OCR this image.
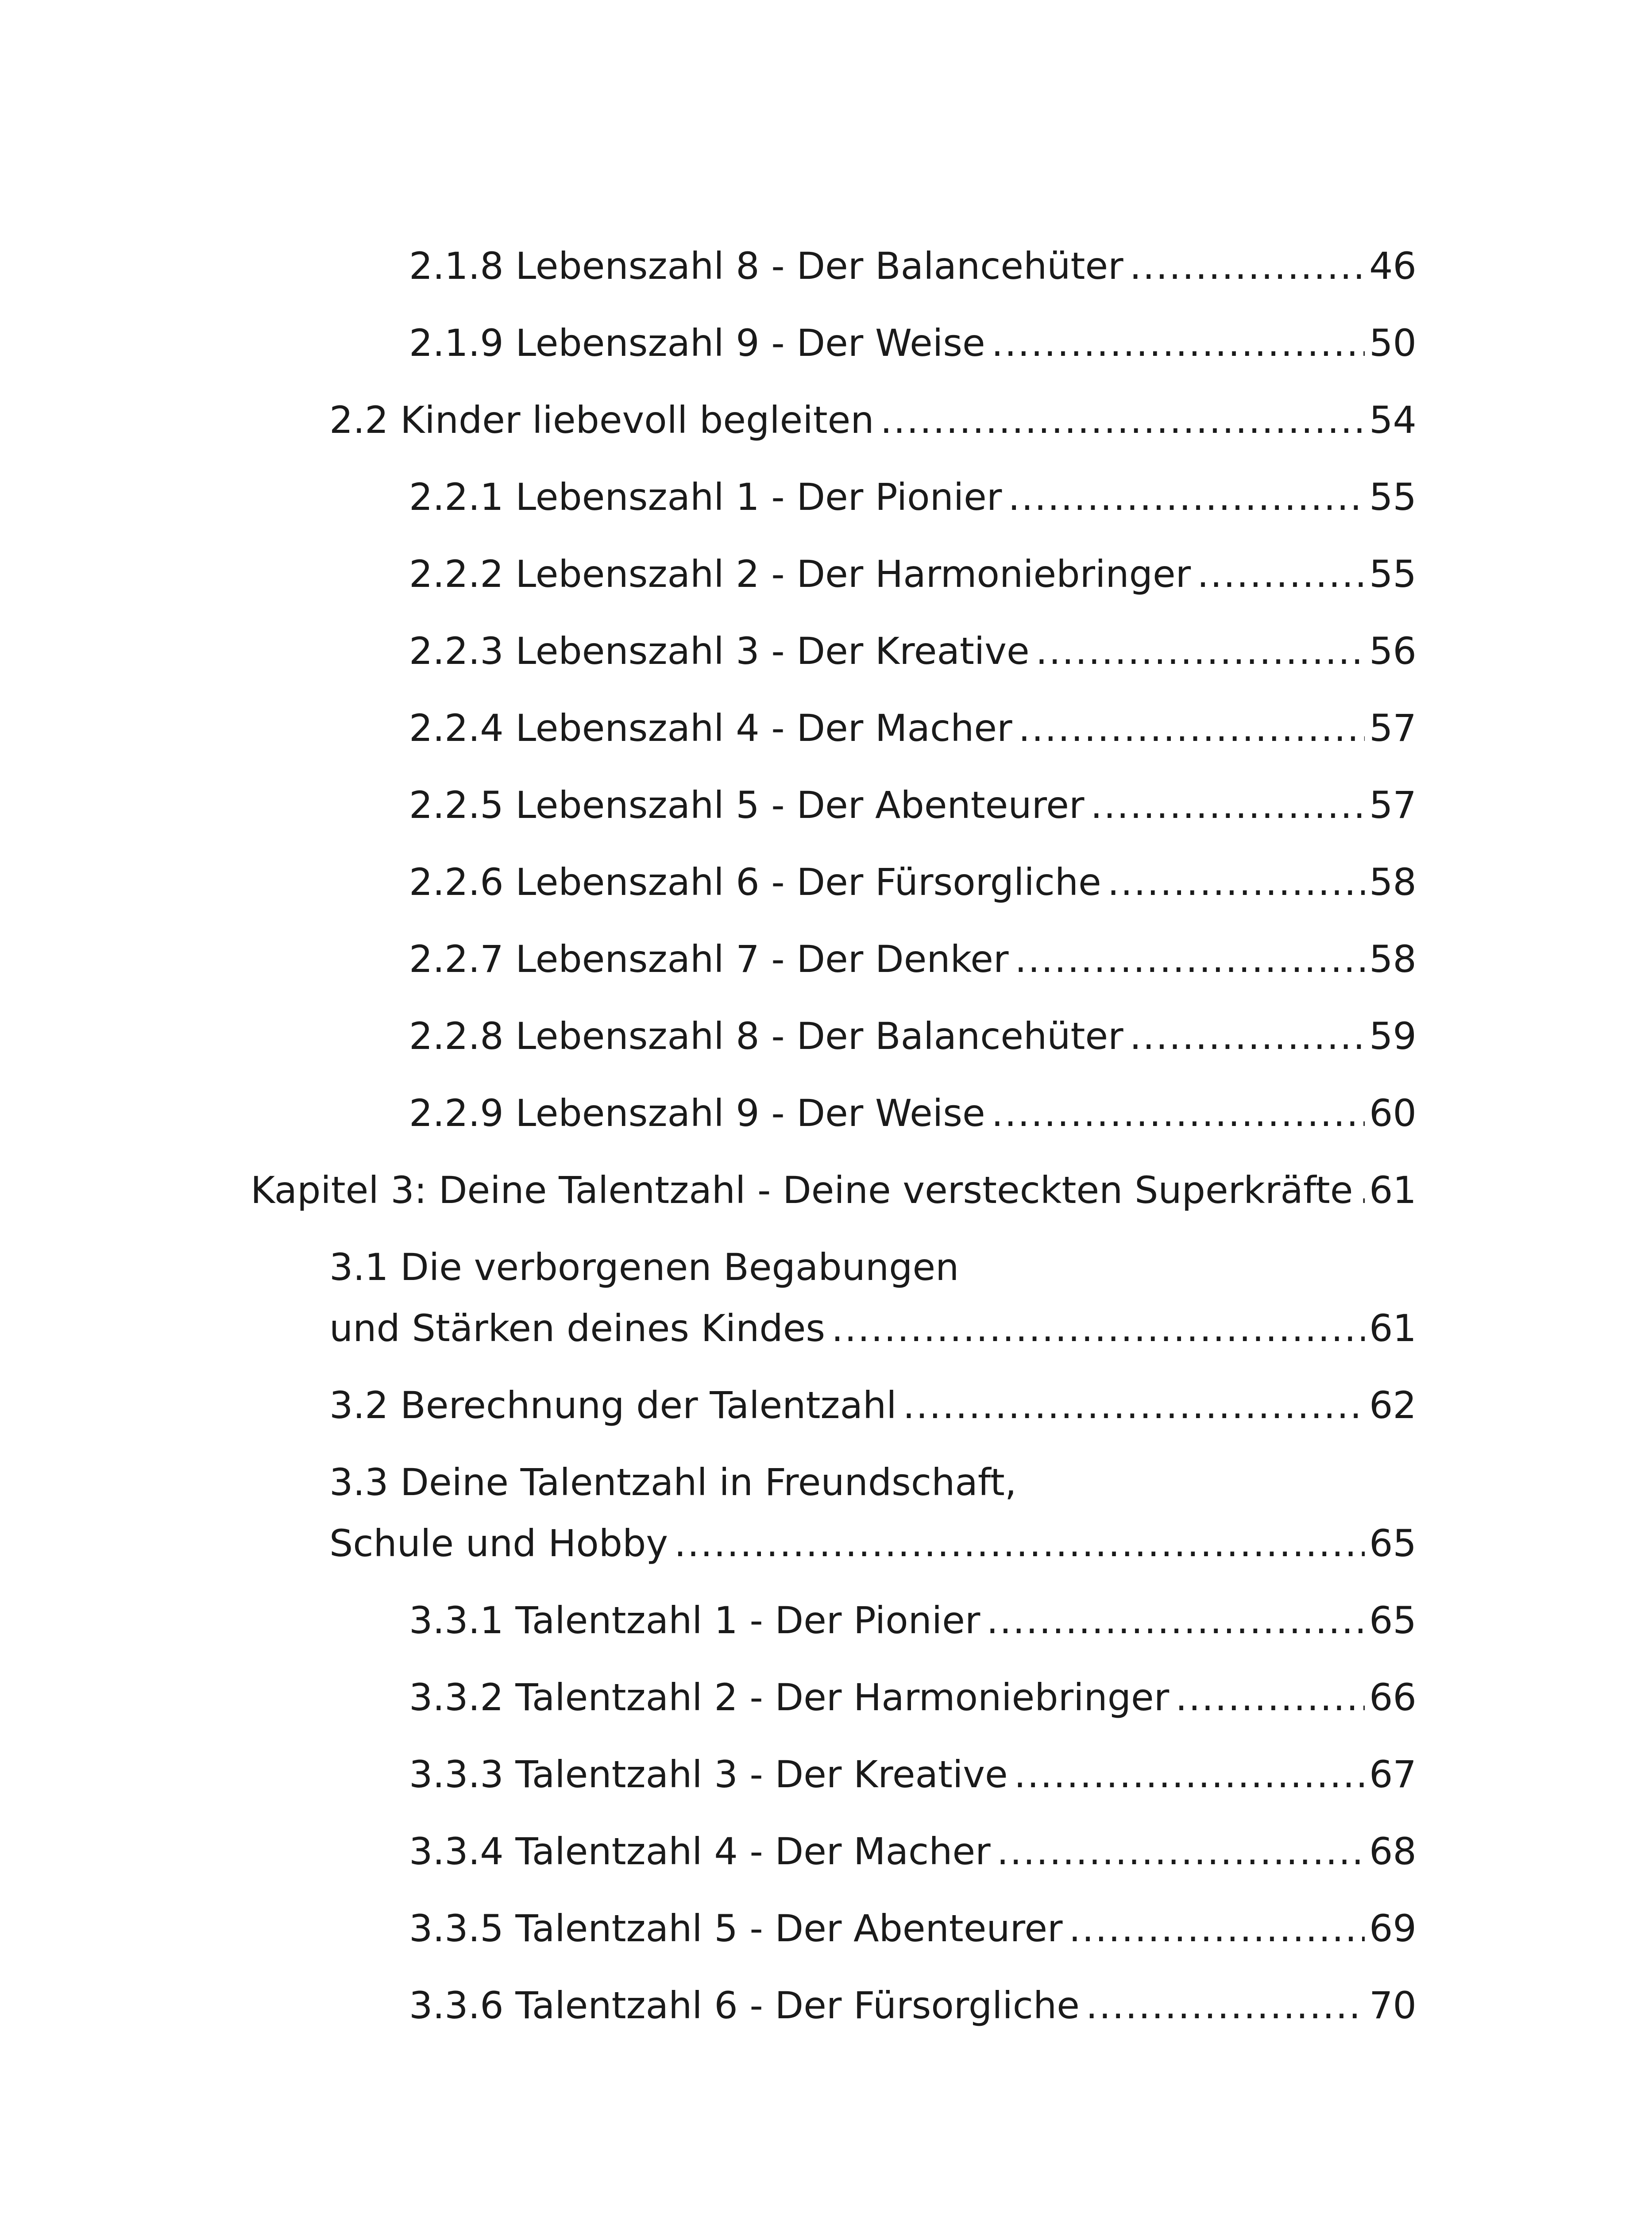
2.1.8 Lebenszahl 8 - Der Balancehüter .....	46
2.1.9 Lebenszahl 9 - Der Weise .....	50
2.2 Kinder liebevoll begleiten .....	54
2.2.1 Lebenszahl 1 - Der Pionier .....	55
2.2.2 Lebenszahl 2 - Der Harmoniebringer .....	55
2.2.3 Lebenszahl 3 - Der Kreative .....	56
2.2.4 Lebenszahl 4 - Der Macher .....	57
2.2.5 Lebenszahl 5 - Der Abenteurer .....	57
2.2.6 Lebenszahl 6 - Der Fürsorgliche .....	58
2.2.7 Lebenszahl 7 - Der Denker .....	58
2.2.8 Lebenszahl 8 - Der Balancehüter .....	59
2.2.9 Lebenszahl 9 - Der Weise .....	60
Kapitel 3: Deine Talentzahl - Deine versteckten Superkräfte ..... 61
3.1 Die verborgenen Begabungen
und Stärken deines Kindes .....	61
3.2 Berechnung der Talentzahl .....	62
3.3 Deine Talentzahl in Freundschaft,
Schule und Hobby .....	65
3.3.1 Talentzahl 1 - Der Pionier .....	65
3.3.2 Talentzahl 2 - Der Harmoniebringer .....	66
3.3.3 Talentzahl 3 - Der Kreative .....	67
3.3.4 Talentzahl 4 - Der Macher .....	68
3.3.5 Talentzahl 5 - Der Abenteurer .....	69
3.3.6 Talentzahl 6 - Der Fürsorgliche .....	70
